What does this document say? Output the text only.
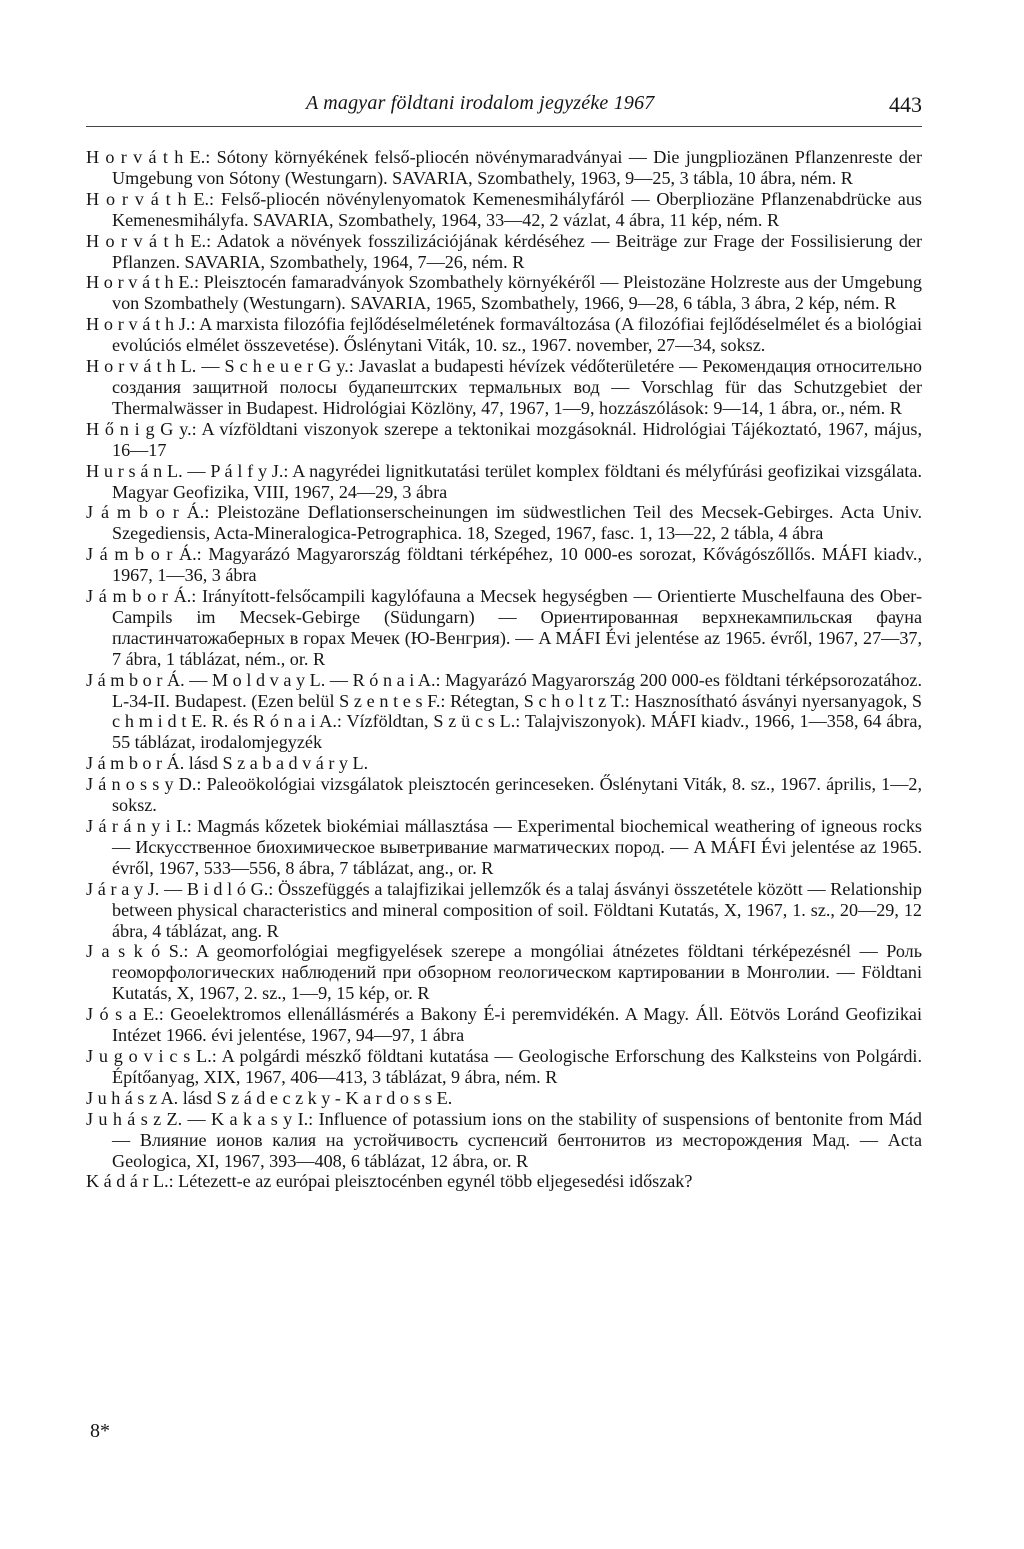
A magyar földtani irodalom jegyzéke 1967	443

H o r v á t h E.: Sótony környékének felső-pliocén növénymaradványai — Die jungpliozänen Pflanzenreste der Umgebung von Sótony (Westungarn). SAVARIA, Szombathely, 1963, 9—25, 3 tábla, 10 ábra, ném. R

H o r v á t h E.: Felső-pliocén növénylenyomatok Kemenesmihályfáról — Oberpliozäne Pflanzenabdrücke aus Kemenesmihályfa. SAVARIA, Szombathely, 1964, 33—42, 2 vázlat, 4 ábra, 11 kép, ném. R

H o r v á t h E.: Adatok a növények fosszilizációjának kérdéséhez — Beiträge zur Frage der Fossilisierung der Pflanzen. SAVARIA, Szombathely, 1964, 7—26, ném. R

H o r v á t h E.: Pleisztocén famaradványok Szombathely környékéről — Pleistozäne Holzreste aus der Umgebung von Szombathely (Westungarn). SAVARIA, 1965, Szombathely, 1966, 9—28, 6 tábla, 3 ábra, 2 kép, ném. R

H o r v á t h J.: A marxista filozófia fejlődéselméletének formaváltozása (A filozófiai fejlődéselmélet és a biológiai evolúciós elmélet összevetése). Őslénytani Viták, 10. sz., 1967. november, 27—34, soksz.

H o r v á t h L. — S c h e u e r G y.: Javaslat a budapesti hévízek védőterületére — Рекомендация относительно создания защитной полосы будапештских термальных вод — Vorschlag für das Schutzgebiet der Thermalwässer in Budapest. Hidrológiai Közlöny, 47, 1967, 1—9, hozzászólások: 9—14, 1 ábra, or., ném. R

H ő n i g G y.: A vízföldtani viszonyok szerepe a tektonikai mozgásoknál. Hidrológiai Tájékoztató, 1967, május, 16—17

H u r s á n L. — P á l f y J.: A nagyrédei lignitkutatási terület komplex földtani és mélyfúrási geofizikai vizsgálata. Magyar Geofizika, VIII, 1967, 24—29, 3 ábra

J á m b o r Á.: Pleistozäne Deflationserscheinungen im südwestlichen Teil des Mecsek-Gebirges. Acta Univ. Szegediensis, Acta-Mineralogica-Petrographica. 18, Szeged, 1967, fasc. 1, 13—22, 2 tábla, 4 ábra

J á m b o r Á.: Magyarázó Magyarország földtani térképéhez, 10 000-es sorozat, Kővágószőllős. MÁFI kiadv., 1967, 1—36, 3 ábra

J á m b o r Á.: Irányított-felsőcampili kagylófauna a Mecsek hegységben — Orientierte Muschelfauna des Ober-Campils im Mecsek-Gebirge (Südungarn) — Ориентированная верхнекампильская фауна пластинчатожаберных в горах Мечек (Ю-Венгрия). — A MÁFI Évi jelentése az 1965. évről, 1967, 27—37, 7 ábra, 1 táblázat, ném., or. R

J á m b o r Á. — M o l d v a y L. — R ó n a i A.: Magyarázó Magyarország 200 000-es földtani térképsorozatához. L-34-II. Budapest. (Ezen belül S z e n t e s F.: Rétegtan, S c h o l t z T.: Hasznosítható ásványi nyersanyagok, S c h m i d t E. R. és R ó n a i A.: Vízföldtan, S z ü c s L.: Talajviszonyok). MÁFI kiadv., 1966, 1—358, 64 ábra, 55 táblázat, irodalomjegyzék

J á m b o r Á. lásd S z a b a d v á r y L.

J á n o s s y D.: Paleoökológiai vizsgálatok pleisztocén gerinceseken. Őslénytani Viták, 8. sz., 1967. április, 1—2, soksz.

J á r á n y i I.: Magmás kőzetek biokémiai mállasztása — Experimental biochemical weathering of igneous rocks — Искусственное биохимическое выветривание магматических пород. — A MÁFI Évi jelentése az 1965. évről, 1967, 533—556, 8 ábra, 7 táblázat, ang., or. R

J á r a y J. — B i d l ó G.: Összefüggés a talajfizikai jellemzők és a talaj ásványi összetétele között — Relationship between physical characteristics and mineral composition of soil. Földtani Kutatás, X, 1967, 1. sz., 20—29, 12 ábra, 4 táblázat, ang. R

J a s k ó S.: A geomorfológiai megfigyelések szerepe a mongóliai átnézetes földtani térképezésnél — Роль геоморфологических наблюдений при обзорном геологическом картировании в Монголии. — Földtani Kutatás, X, 1967, 2. sz., 1—9, 15 kép, or. R

J ó s a E.: Geoelektromos ellenállásmérés a Bakony É-i peremvidékén. A Magy. Áll. Eötvös Loránd Geofizikai Intézet 1966. évi jelentése, 1967, 94—97, 1 ábra

J u g o v i c s L.: A polgárdi mészkő földtani kutatása — Geologische Erforschung des Kalksteins von Polgárdi. Építőanyag, XIX, 1967, 406—413, 3 táblázat, 9 ábra, ném. R

J u h á s z A. lásd S z á d e c z k y - K a r d o s s E.

J u h á s z Z. — K a k a s y I.: Influence of potassium ions on the stability of suspensions of bentonite from Mád — Влияние ионов калия на устойчивость суспенсий бентонитов из месторождения Мад. — Acta Geologica, XI, 1967, 393—408, 6 táblázat, 12 ábra, or. R

K á d á r L.: Létezett-e az európai pleisztocénben egynél több eljegesedési időszak?

8*
